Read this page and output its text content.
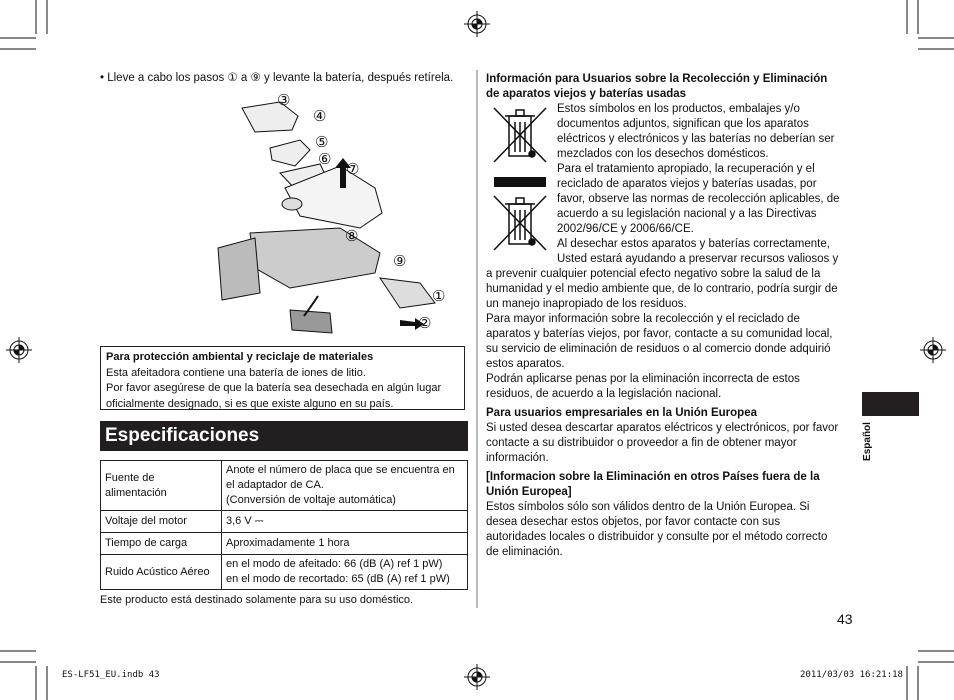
• Lleve a cabo los pasos ① a ⑨ y levante la batería, después retírela.
③
④
⑤
⑥
⑦
⑧
⑨
①
②
Para protección ambiental y reciclaje de materiales
Esta afeitadora contiene una batería de iones de litio.
Por favor asegúrese de que la batería sea desechada en algún lugar
oficialmente designado, si es que existe alguno en su país.
Especificaciones
Fuente de alimentación	Anote el número de placa que se encuentra en
el adaptador de CA.
(Conversión de voltaje automática)

Voltaje del motor	3,6 V ⎓
Tiempo de carga	Aproximadamente 1 hora
Ruido Acústico Aéreo	en el modo de afeitado: 66 (dB (A) ref 1 pW)
en el modo de recortado: 65 (dB (A) ref 1 pW)
Este producto está destinado solamente para su uso doméstico.
Información para Usuarios sobre la Recolección y Eliminación
de aparatos viejos y baterías usadas
Estos símbolos en los productos, embalajes y/o
documentos adjuntos, significan que los aparatos
eléctricos y electrónicos y las baterías no deberían ser
mezclados con los desechos domésticos.
Para el tratamiento apropiado, la recuperación y el
reciclado de aparatos viejos y baterías usadas, por
favor, observe las normas de recolección aplicables, de
acuerdo a su legislación nacional y a las Directivas
2002/96/CE y 2006/66/CE.
Al desechar estos aparatos y baterías correctamente,
Usted estará ayudando a preservar recursos valiosos y
a prevenir cualquier potencial efecto negativo sobre la salud de la
humanidad y el medio ambiente que, de lo contrario, podría surgir de
un manejo inapropiado de los residuos.
Para mayor información sobre la recolección y el reciclado de
aparatos y baterías viejos, por favor, contacte a su comunidad local,
su servicio de eliminación de residuos o al comercio donde adquirió
estos aparatos.
Podrán aplicarse penas por la eliminación incorrecta de estos
residuos, de acuerdo a la legislación nacional.
Para usuarios empresariales en la Unión Europea
Si usted desea descartar aparatos eléctricos y electrónicos, por favor
contacte a su distribuidor o proveedor a fin de obtener mayor
información.
[Informacion sobre la Eliminación en otros Países fuera de la
Unión Europea]
Estos símbolos sólo son válidos dentro de la Unión Europea. Si
desea desechar estos objetos, por favor contacte con sus
autoridades locales o distribuidor y consulte por el método correcto
de eliminación.
Español
43
ES-LF51_EU.indb 43	2011/03/03 16:21:18
